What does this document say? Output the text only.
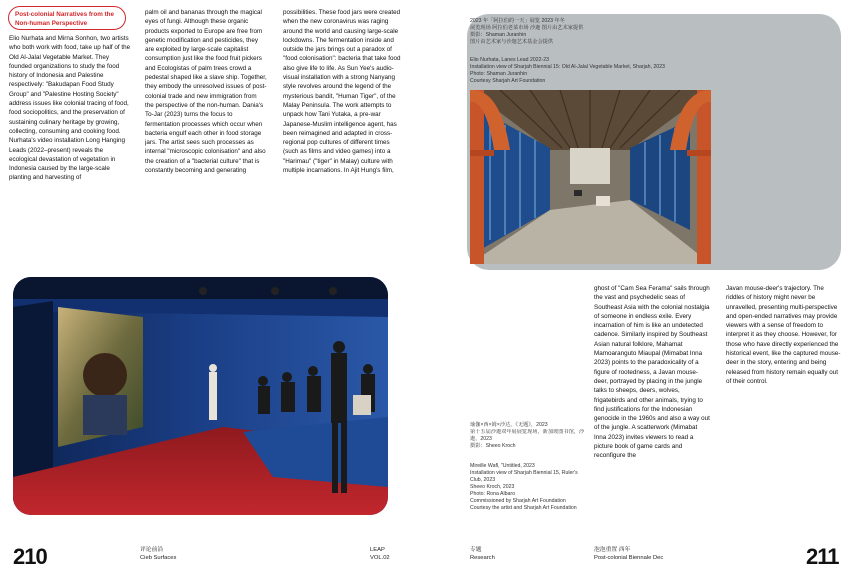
Post-colonial Narratives from the Non-human Perspective
Elio Nurhata and Mirna Sonhon, two artists who both work with food, take up half of the Old Al-Jalal Vegetable Market. They founded organizations to study the food history of Indonesia and Palestine respectively: "Bakudapan Food Study Group" and "Palestine Hosting Society" address issues like colonial tracing of food, food sociopolitics, and the preservation of sustaining culinary heritage by growing, collecting, consuming and cooking food. Nurhata's video installation Long Hanging Leads (2022–present) reveals the ecological devastation of vegetation in Indonesia caused by the large-scale planting and harvesting of
palm oil and bananas through the magical eyes of fungi. Although these organic products exported to Europe are free from genetic modification and pesticides, they are exploited by large-scale capitalist consumption just like the food fruit pickers and Ecologistas of palm trees crowd a pedestal shaped like a slave ship. Together, they embody the unresolved issues of post-colonial trade and new immigration from the perspective of the non-human. Dania's To-Jar (2023) turns the focus to fermentation processes which occur when bacteria engulf each other in food storage jars. The artist sees such processes as internal "microscopic colonisation" and also the creation of a "bacterial culture" that is constantly becoming and generating
possibilities. These food jars were created when the new coronavirus was raging around the world and causing large-scale lockdowns. The fermentation inside and outside the jars brings out a paradox of "food colonisation": bacteria that take food also give life to life. As Sun Yee's audio-visual installation with a strong Nanyang style revolves around the legend of the mysterious bandit, "Human Tiger", of the Malay Peninsula. The work attempts to unpack how Tani Yutaka, a pre-war Japanese-Muslim intelligence agent, has been reimagined and adapted in cross-regional pop cultures of different times (such as films and video games) into a "Harimau" ("tiger" in Malay) culture with multiple incarnations. In Ajit Hung's film,
210	评论前沿
Cieb Surfaces
LEAP
VOL.02
2023 年「阿拉伯的一天」展览 2023 年冬
展览现场 阿拉伯老菜市场 沙迦 图片由艺术家提供
摄影：Shaman Juranhin
图片由艺术家与沙迦艺术基金会提供
Elio Nurhata, Lanes Lead 2022-23
Installation view of Sharjah Biennial 15: Old Al-Jalal Vegetable Market, Sharjah, 2023
Photo: Shaman Juranhin
Courtesy Sharjah Art Foundation
ghost of "Cam Sea Ferama" sails through the vast and psychedelic seas of Southeast Asia with the colonial nostalgia of someone in endless exile. Every incarnation of him is like an undetected cadence. Similarly inspired by Southeast Asian natural folklore, Mahamat Mamoaranguto Miaupal (Mimabat Inna 2023) points to the paradoxicality of a figure of rootedness, a Javan mouse-deer, portrayed by placing in the jungle talks to sheeps, deers, wolves, frigatebirds and other animals, trying to find justifications for the Indonesian genocide in the 1960s and also a way out of the jungle. A scatterwork (Mimabat Inna 2023) invites viewers to read a picture book of game cards and reconfigure the
Javan mouse-deer's trajectory. The riddles of history might never be unravelled, presenting multi-perspective and open-ended narratives may provide viewers with a sense of freedom to interpret it as they choose. However, for those who have directly experienced the historical event, like the captured mouse-deer in the story, entering and being released from history remain equally out of their control.
瑜伽×西×姆×沙达，《无题》，2023
第十五届沙迦双年展展览现场，新加坡图书馆，沙迦，2023
摄影：Sheeo Kroch
Mireille Wafl, "Untitled, 2023
Installation view of Sharjah Biennial 15, Ruler's Club, 2023
Sheeo Kroch, 2023
Photo: Rona Albaro
Commissioned by Sharjah Art Foundation
Courtesy the artist and Sharjah Art Foundation
专题
Research
泡泡重置 西年
Post-colonial Biennale Dec	211
